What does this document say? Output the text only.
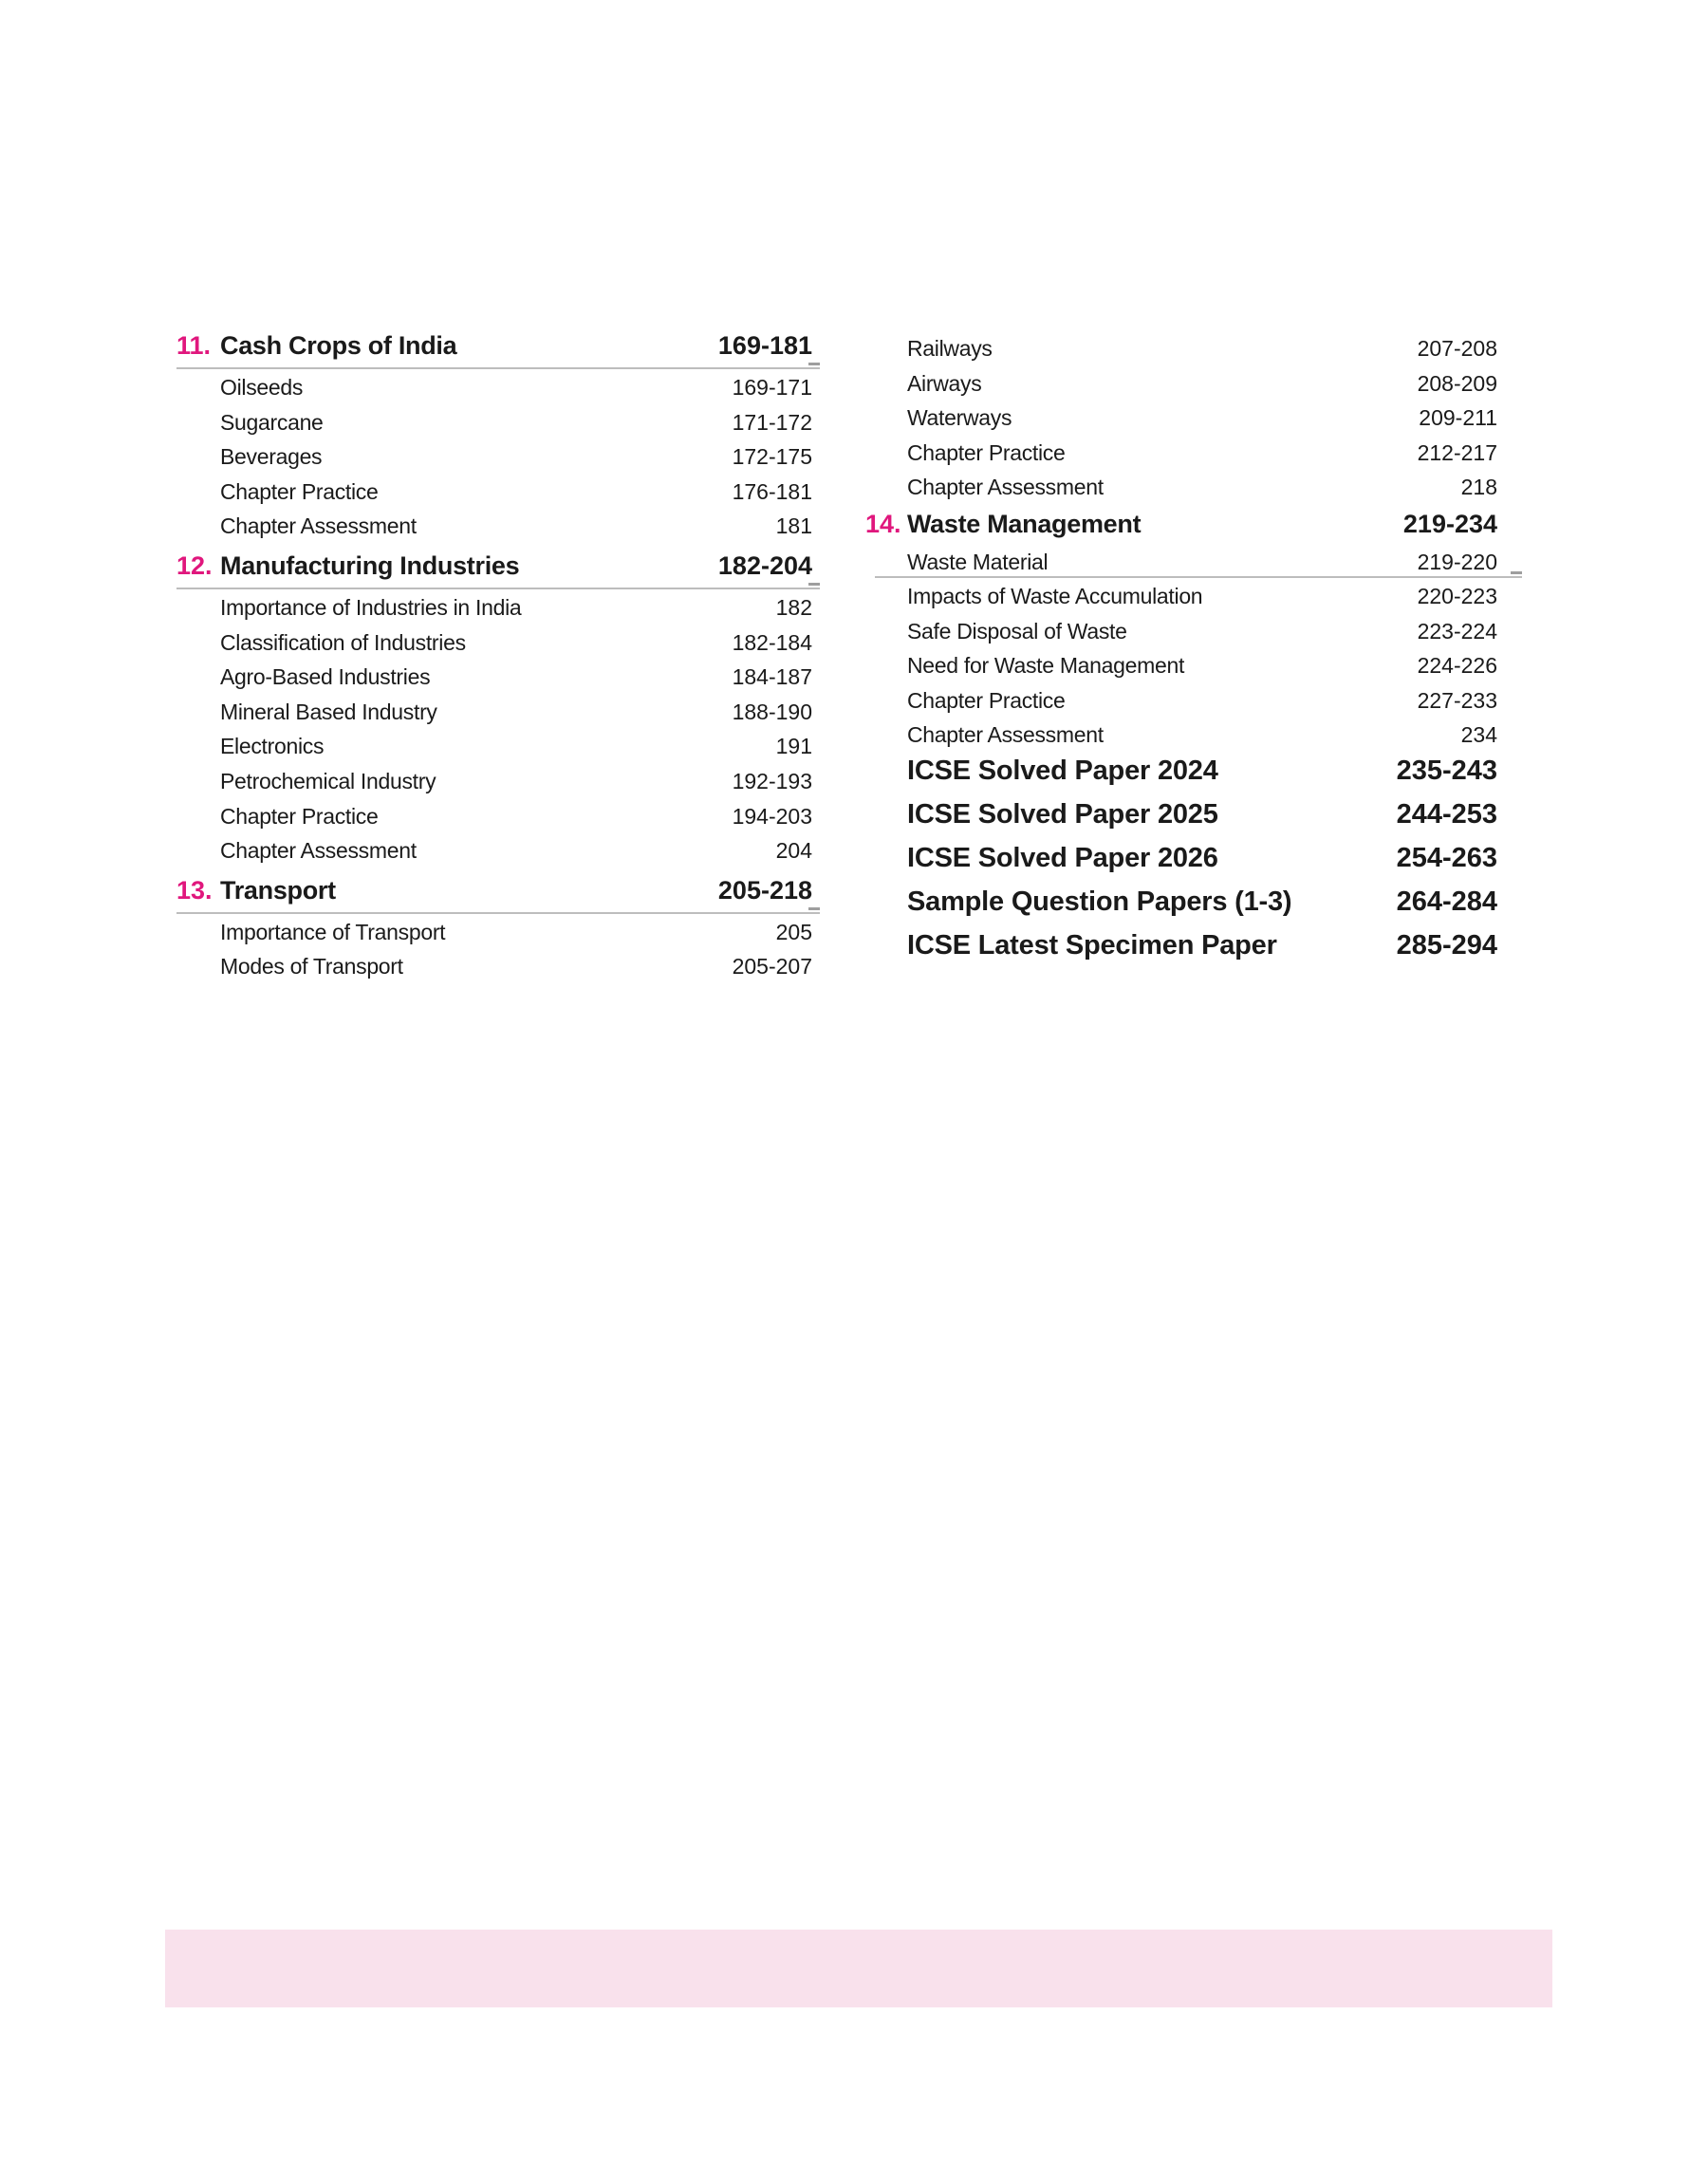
11. Cash Crops of India	169-181
Oilseeds	169-171
Sugarcane	171-172
Beverages	172-175
Chapter Practice	176-181
Chapter Assessment	181
12. Manufacturing Industries	182-204
Importance of Industries in India	182
Classification of Industries	182-184
Agro-Based Industries	184-187
Mineral Based Industry	188-190
Electronics	191
Petrochemical Industry	192-193
Chapter Practice	194-203
Chapter Assessment	204
13. Transport	205-218
Importance of Transport	205
Modes of Transport	205-207
Railways	207-208
Airways	208-209
Waterways	209-211
Chapter Practice	212-217
Chapter Assessment	218
14. Waste Management	219-234
Waste Material	219-220
Impacts of Waste Accumulation	220-223
Safe Disposal of Waste	223-224
Need for Waste Management	224-226
Chapter Practice	227-233
Chapter Assessment	234
ICSE Solved Paper 2024	235-243
ICSE Solved Paper 2025	244-253
ICSE Solved Paper 2026	254-263
Sample Question Papers (1-3)	264-284
ICSE Latest Specimen Paper	285-294
